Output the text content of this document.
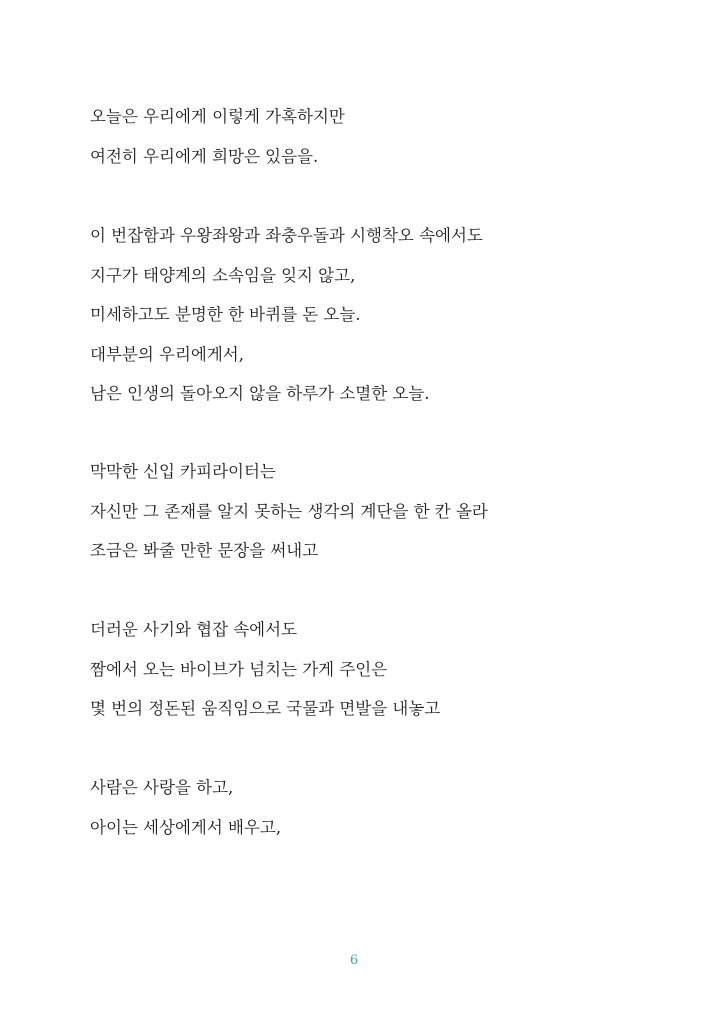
오늘은 우리에게 이렇게 가혹하지만
여전히 우리에게 희망은 있음을.
이 번잡함과 우왕좌왕과 좌충우돌과 시행착오 속에서도
지구가 태양계의 소속임을 잊지 않고,
미세하고도 분명한 한 바퀴를 돈 오늘.
대부분의 우리에게서,
남은 인생의 돌아오지 않을 하루가 소멸한 오늘.
막막한 신입 카피라이터는
자신만 그 존재를 알지 못하는 생각의 계단을 한 칸 올라
조금은 봐줄 만한 문장을 써내고
더러운 사기와 협잡 속에서도
짬에서 오는 바이브가 넘치는 가게 주인은
몇 번의 정돈된 움직임으로 국물과 면발을 내놓고
사람은 사랑을 하고,
아이는 세상에게서 배우고,
6
